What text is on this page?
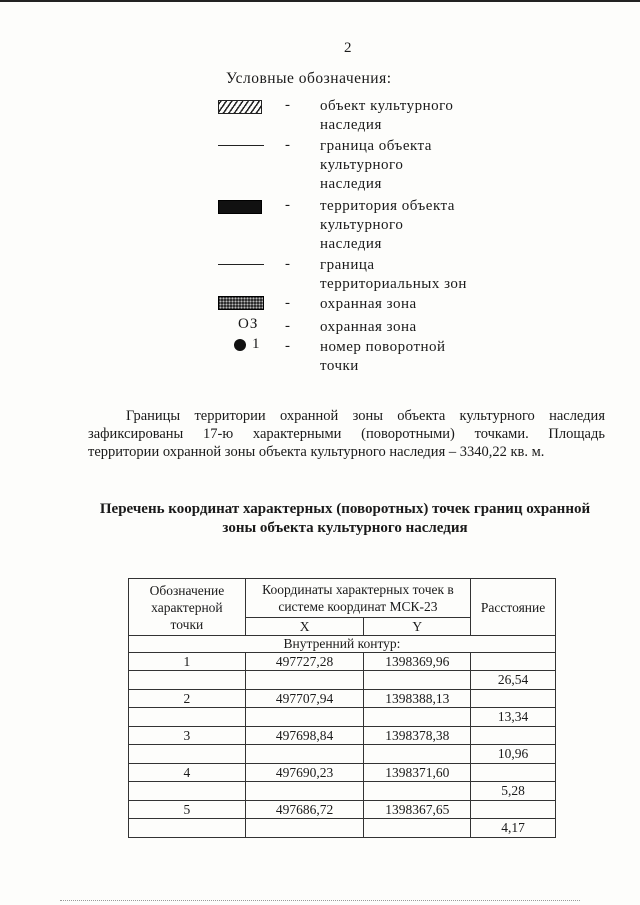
2
Условные обозначения:
- объект культурного
наследия
- граница объекта
культурного
наследия
- территория объекта
культурного
наследия
- граница
территориальных зон
- охранная зона
ОЗ - охранная зона
1 - номер поворотной
точки
Границы территории охранной зоны объекта культурного наследия
зафиксированы 17-ю характерными (поворотными) точками. Площадь
территории охранной зоны объекта культурного наследия – 3340,22 кв. м.
Перечень координат характерных (поворотных) точек границ охранной
зоны объекта культурного наследия
Обозначение характерной точки	Координаты характерных точек в системе координат МСК-23		Расстояние
	X	Y	
Внутренний контур:			
1	497727,28	1398369,96	
			26,54
2	497707,94	1398388,13	
			13,34
3	497698,84	1398378,38	
			10,96
4	497690,23	1398371,60	
			5,28
5	497686,72	1398367,65	
			4,17
